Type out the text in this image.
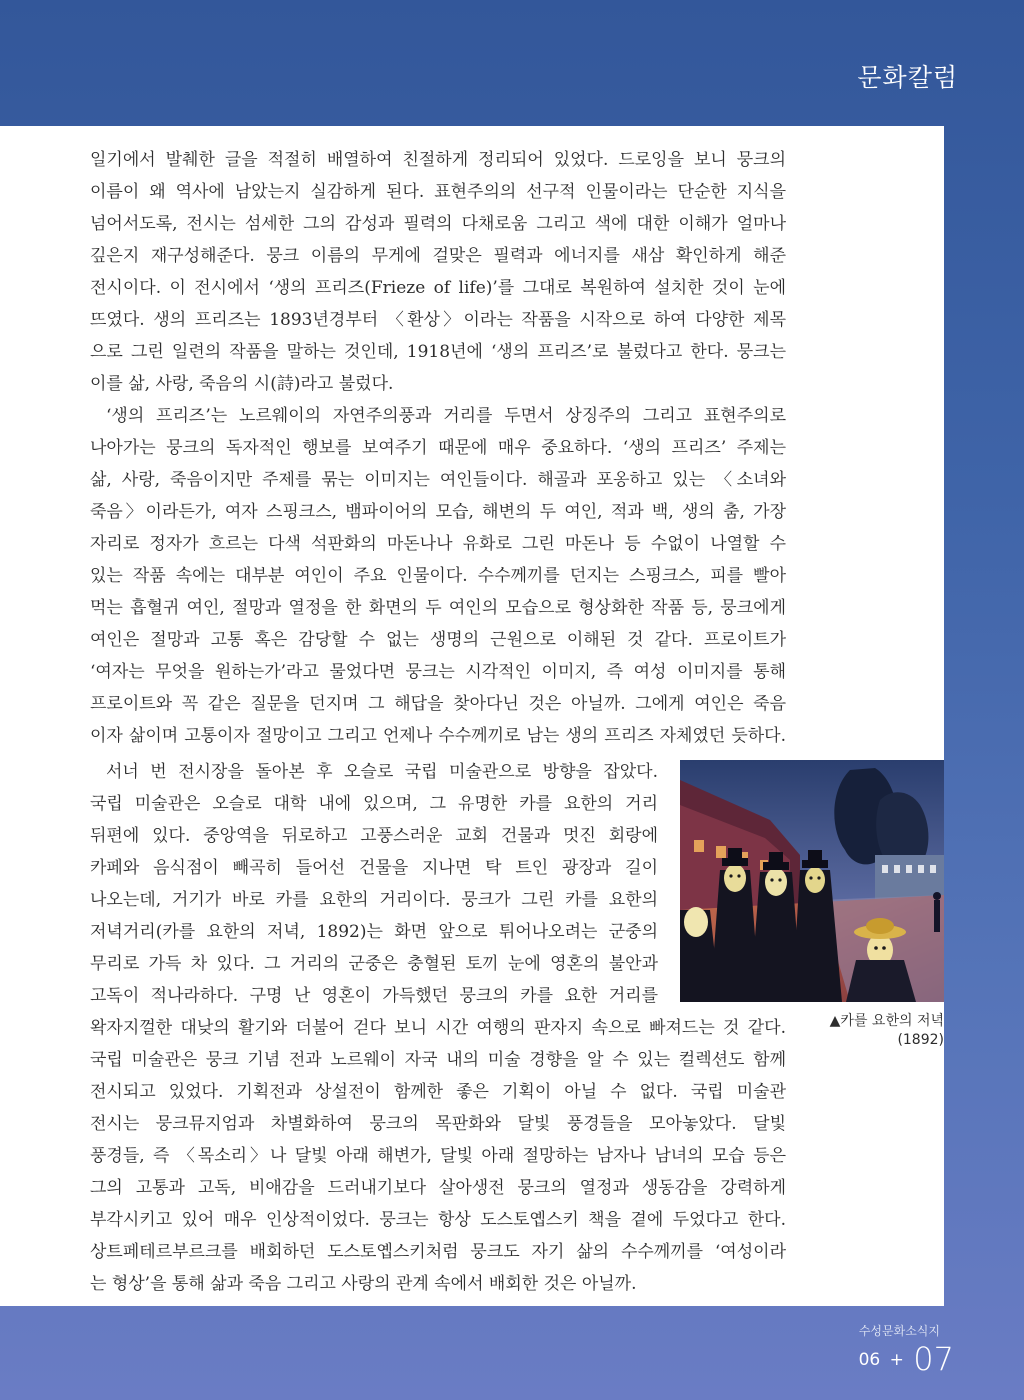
문화칼럼
일기에서 발췌한 글을 적절히 배열하여 친절하게 정리되어 있었다. 드로잉을 보니 뭉크의
이름이 왜 역사에 남았는지 실감하게 된다. 표현주의의 선구적 인물이라는 단순한 지식을
넘어서도록, 전시는 섬세한 그의 감성과 필력의 다채로움 그리고 색에 대한 이해가 얼마나
깊은지 재구성해준다. 뭉크 이름의 무게에 걸맞은 필력과 에너지를 새삼 확인하게 해준
전시이다. 이 전시에서 ‘생의 프리즈(Frieze of life)’를 그대로 복원하여 설치한 것이 눈에
뜨였다. 생의 프리즈는 1893년경부터 〈환상〉이라는 작품을 시작으로 하여 다양한 제목
으로 그린 일련의 작품을 말하는 것인데, 1918년에 ‘생의 프리즈’로 불렀다고 한다. 뭉크는
이를 삶, 사랑, 죽음의 시(詩)라고 불렀다.
‘생의 프리즈’는 노르웨이의 자연주의풍과 거리를 두면서 상징주의 그리고 표현주의로
나아가는 뭉크의 독자적인 행보를 보여주기 때문에 매우 중요하다. ‘생의 프리즈’ 주제는
삶, 사랑, 죽음이지만 주제를 묶는 이미지는 여인들이다. 해골과 포옹하고 있는 〈소녀와
죽음〉이라든가, 여자 스핑크스, 뱀파이어의 모습, 해변의 두 여인, 적과 백, 생의 춤, 가장
자리로 정자가 흐르는 다색 석판화의 마돈나나 유화로 그린 마돈나 등 수없이 나열할 수
있는 작품 속에는 대부분 여인이 주요 인물이다. 수수께끼를 던지는 스핑크스, 피를 빨아
먹는 흡혈귀 여인, 절망과 열정을 한 화면의 두 여인의 모습으로 형상화한 작품 등, 뭉크에게
여인은 절망과 고통 혹은 감당할 수 없는 생명의 근원으로 이해된 것 같다. 프로이트가
‘여자는 무엇을 원하는가’라고 물었다면 뭉크는 시각적인 이미지, 즉 여성 이미지를 통해
프로이트와 꼭 같은 질문을 던지며 그 해답을 찾아다닌 것은 아닐까. 그에게 여인은 죽음
이자 삶이며 고통이자 절망이고 그리고 언제나 수수께끼로 남는 생의 프리즈 자체였던 듯하다.
서너 번 전시장을 돌아본 후 오슬로 국립 미술관으로 방향을 잡았다.
국립 미술관은 오슬로 대학 내에 있으며, 그 유명한 카를 요한의 거리
뒤편에 있다. 중앙역을 뒤로하고 고풍스러운 교회 건물과 멋진 회랑에
카페와 음식점이 빼곡히 들어선 건물을 지나면 탁 트인 광장과 길이
나오는데, 거기가 바로 카를 요한의 거리이다. 뭉크가 그린 카를 요한의
저녁거리(카를 요한의 저녁, 1892)는 화면 앞으로 튀어나오려는 군중의
무리로 가득 차 있다. 그 거리의 군중은 충혈된 토끼 눈에 영혼의 불안과
고독이 적나라하다. 구명 난 영혼이 가득했던 뭉크의 카를 요한 거리를
왁자지껄한 대낮의 활기와 더불어 걷다 보니 시간 여행의 판자지 속으로 빠져드는 것 같다.
국립 미술관은 뭉크 기념 전과 노르웨이 자국 내의 미술 경향을 알 수 있는 컬렉션도 함께
전시되고 있었다. 기획전과 상설전이 함께한 좋은 기획이 아닐 수 없다. 국립 미술관
전시는 뭉크뮤지엄과 차별화하여 뭉크의 목판화와 달빛 풍경들을 모아놓았다. 달빛
풍경들, 즉 〈목소리〉나 달빛 아래 해변가, 달빛 아래 절망하는 남자나 남녀의 모습 등은
그의 고통과 고독, 비애감을 드러내기보다 살아생전 뭉크의 열정과 생동감을 강력하게
부각시키고 있어 매우 인상적이었다. 뭉크는 항상 도스토옙스키 책을 곁에 두었다고 한다.
상트페테르부르크를 배회하던 도스토옙스키처럼 뭉크도 자기 삶의 수수께끼를 ‘여성이라
는 형상’을 통해 삶과 죽음 그리고 사랑의 관계 속에서 배회한 것은 아닐까.
▲카를 요한의 저녁
(1892)
수성문화소식지
06 + 07
